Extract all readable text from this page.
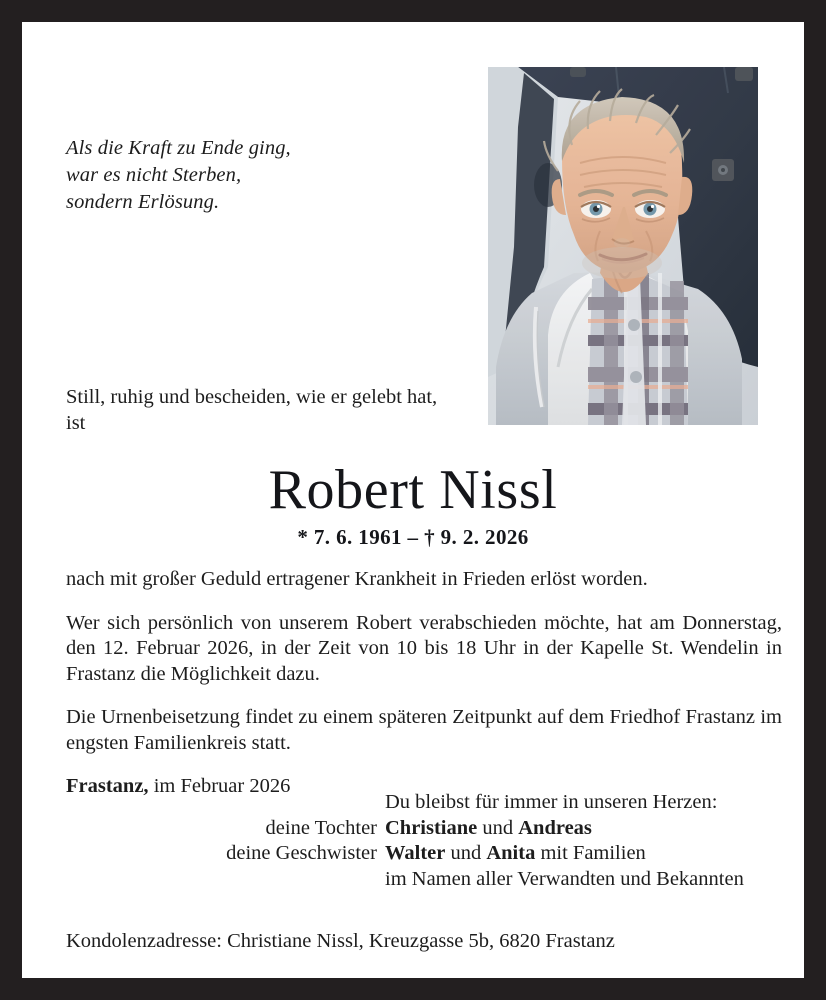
Als die Kraft zu Ende ging,
war es nicht Sterben,
sondern Erlösung.
Still, ruhig und bescheiden, wie er gelebt hat, ist
Robert Nissl
* 7. 6. 1961 – † 9. 2. 2026
nach mit großer Geduld ertragener Krankheit in Frieden erlöst worden.
Wer sich persönlich von unserem Robert verabschieden möchte, hat am Donnerstag, den 12. Februar 2026, in der Zeit von 10 bis 18 Uhr in der Kapelle St. Wendelin in Frastanz die Möglichkeit dazu.
Die Urnenbeisetzung findet zu einem späteren Zeitpunkt auf dem Friedhof Frastanz im engsten Familienkreis statt.
Frastanz, im Februar 2026
Du bleibst für immer in unseren Herzen:
deine Tochter Christiane und Andreas
deine Geschwister Walter und Anita mit Familien
im Namen aller Verwandten und Bekannten
Kondolenzadresse: Christiane Nissl, Kreuzgasse 5b, 6820 Frastanz
